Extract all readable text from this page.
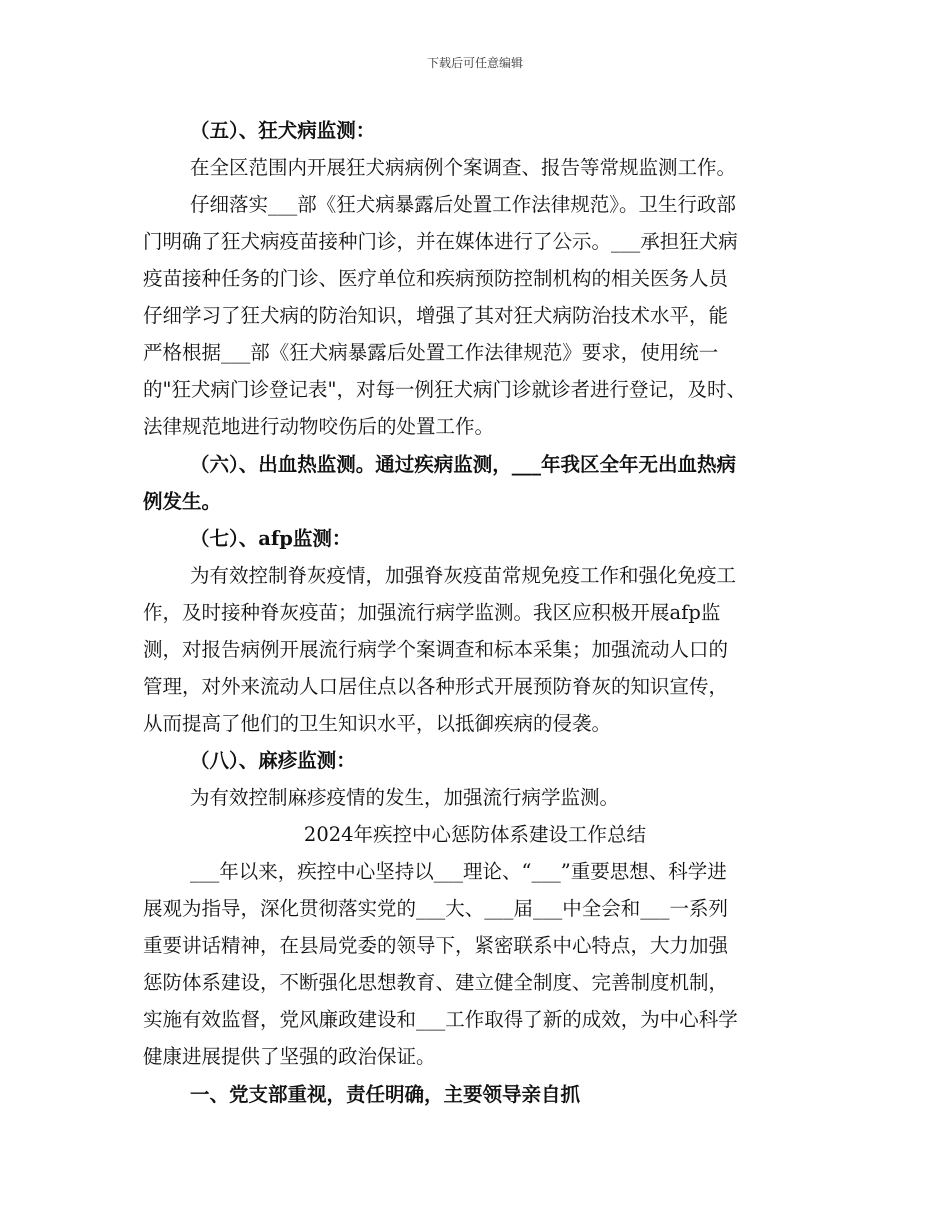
下载后可任意编辑
（五）、狂犬病监测：
在全区范围内开展狂犬病病例个案调查、报告等常规监测工作。
仔细落实___部《狂犬病暴露后处置工作法律规范》。卫生行政部
门明确了狂犬病疫苗接种门诊，并在媒体进行了公示。___承担狂犬病
疫苗接种任务的门诊、医疗单位和疾病预防控制机构的相关医务人员
仔细学习了狂犬病的防治知识，增强了其对狂犬病防治技术水平，能
严格根据___部《狂犬病暴露后处置工作法律规范》要求，使用统一
的"狂犬病门诊登记表"，对每一例狂犬病门诊就诊者进行登记，及时、
法律规范地进行动物咬伤后的处置工作。
（六）、出血热监测。通过疾病监测，___年我区全年无出血热病
例发生。
（七）、afp监测：
为有效控制脊灰疫情，加强脊灰疫苗常规免疫工作和强化免疫工
作，及时接种脊灰疫苗；加强流行病学监测。我区应积极开展afp监
测，对报告病例开展流行病学个案调查和标本采集；加强流动人口的
管理，对外来流动人口居住点以各种形式开展预防脊灰的知识宣传，
从而提高了他们的卫生知识水平，以抵御疾病的侵袭。
（八）、麻疹监测：
为有效控制麻疹疫情的发生，加强流行病学监测。
2024年疾控中心惩防体系建设工作总结
___年以来，疾控中心坚持以___理论、“___”重要思想、科学进
展观为指导，深化贯彻落实党的___大、___届___中全会和___一系列
重要讲话精神，在县局党委的领导下，紧密联系中心特点，大力加强
惩防体系建设，不断强化思想教育、建立健全制度、完善制度机制，
实施有效监督，党风廉政建设和___工作取得了新的成效，为中心科学
健康进展提供了坚强的政治保证。
一、党支部重视，责任明确，主要领导亲自抓
